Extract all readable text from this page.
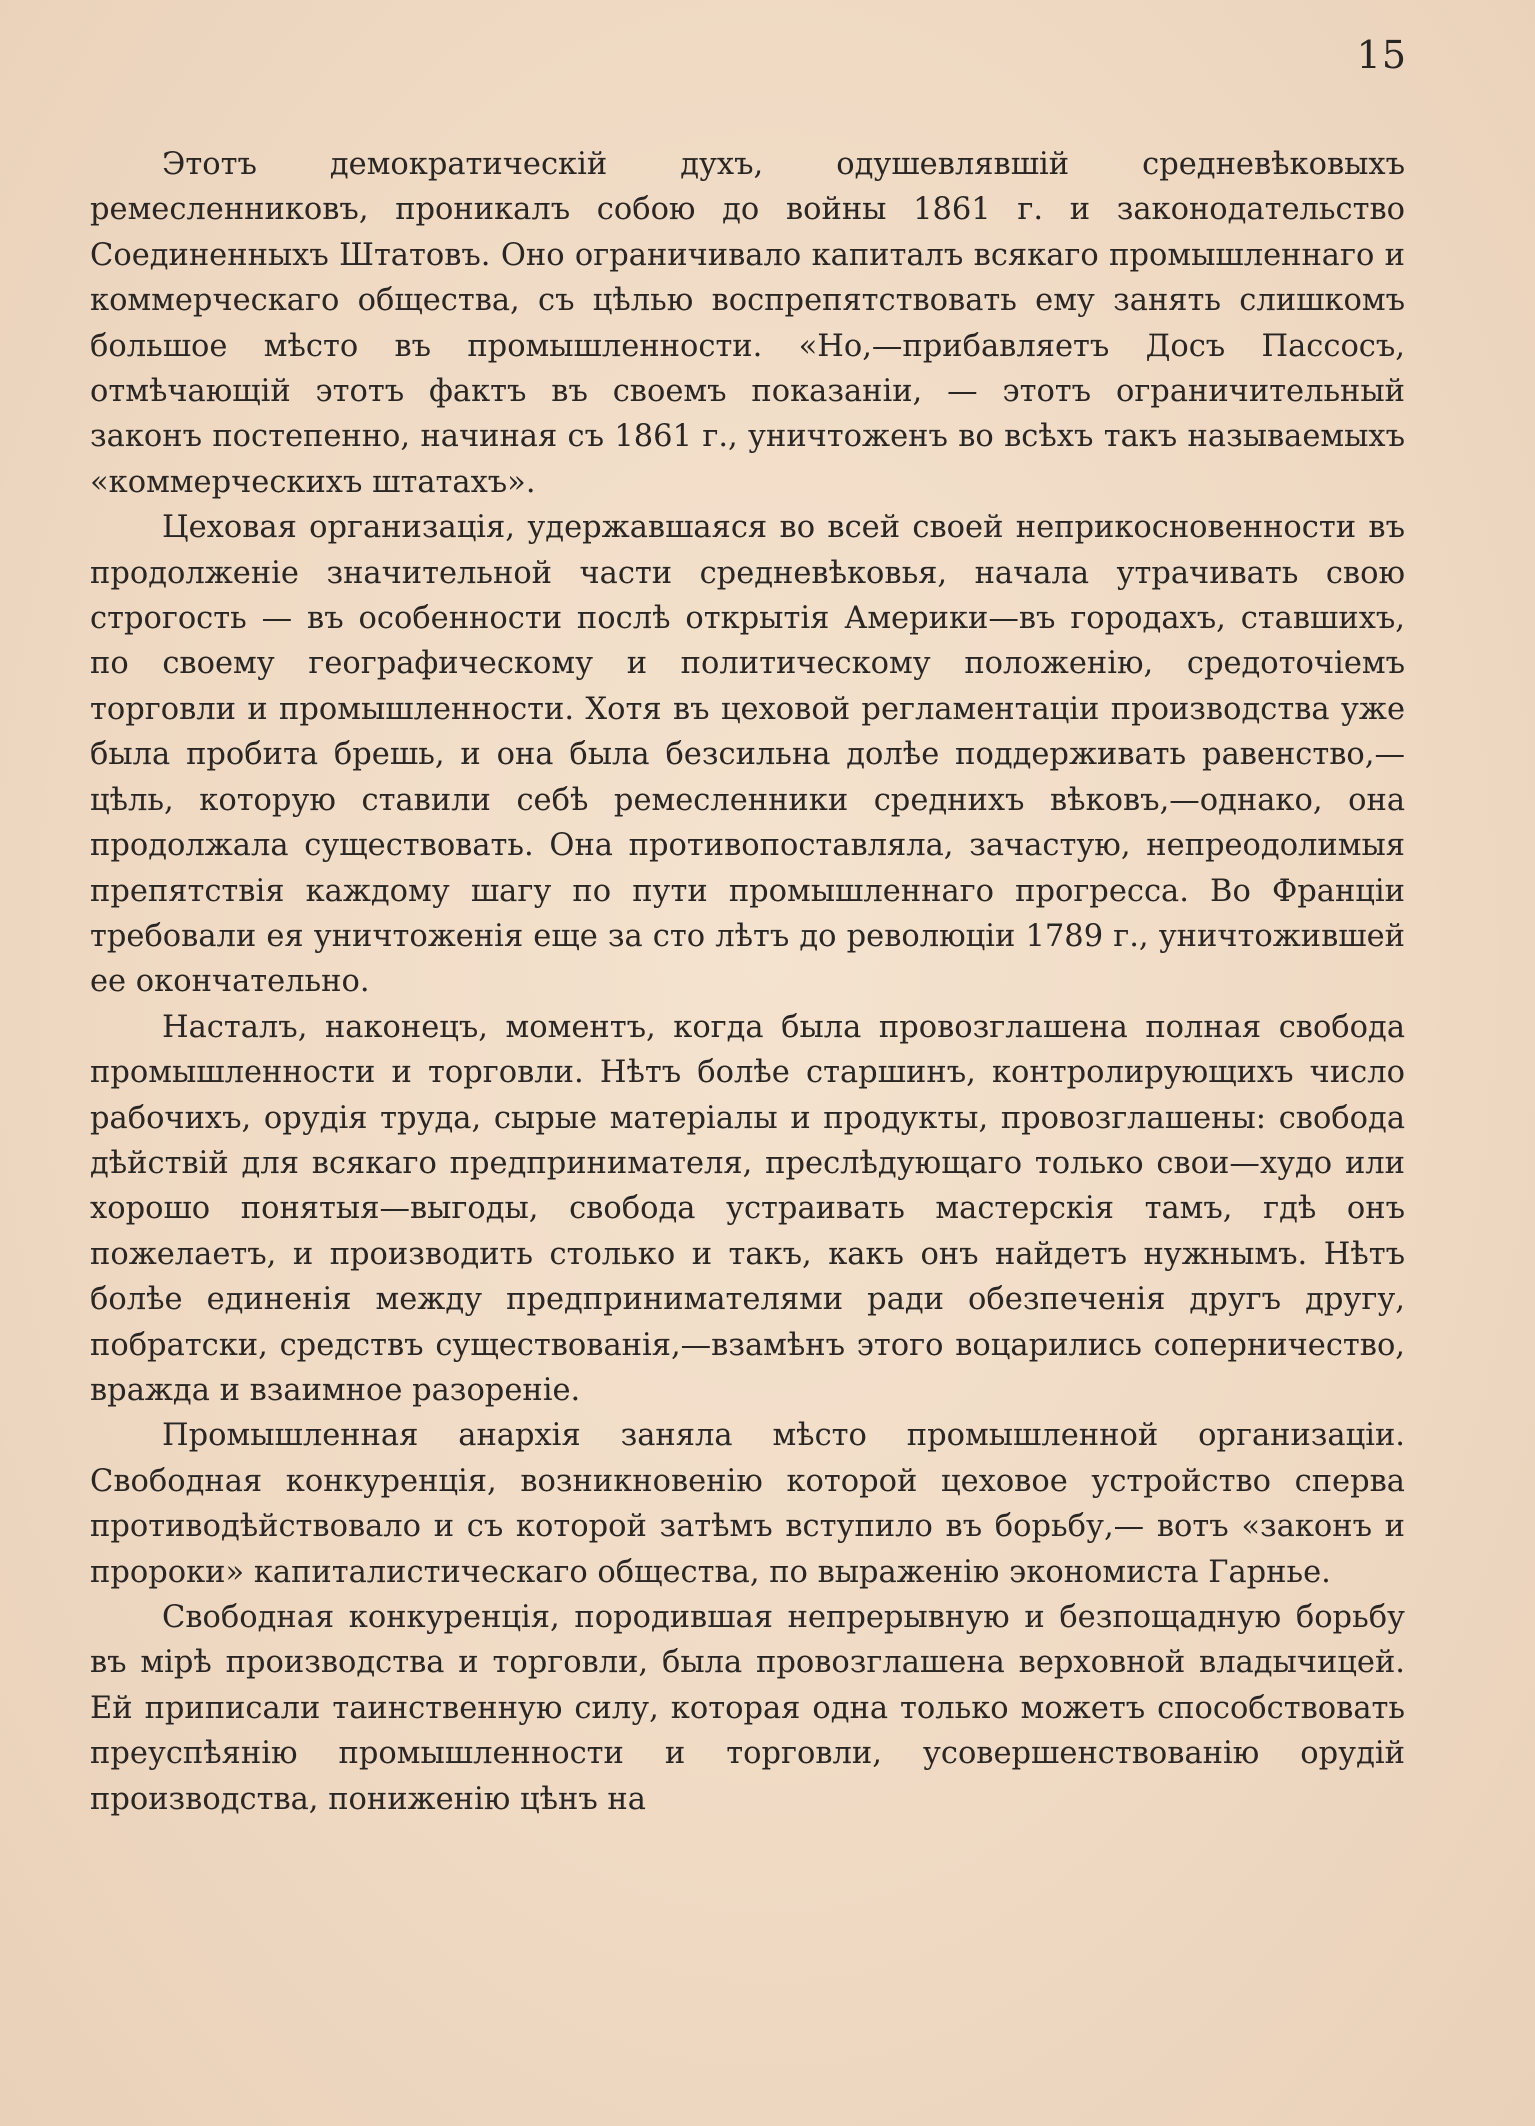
15

Этотъ демократическій духъ, одушевлявшій средневѣковыхъ ремесленниковъ, проникалъ собою до войны 1861 г. и законодательство Соединенныхъ Штатовъ. Оно ограничивало капиталъ всякаго промышленнаго и коммерческаго общества, съ цѣлью воспрепятствовать ему занять слишкомъ большое мѣсто въ промышленности. «Но,—прибавляетъ Досъ Пассосъ, отмѣчающій этотъ фактъ въ своемъ показаніи, — этотъ ограничительный законъ постепенно, начиная съ 1861 г., уничтоженъ во всѣхъ такъ называемыхъ «коммерческихъ штатахъ».

Цеховая организація, удержавшаяся во всей своей неприкосновенности въ продолженіе значительной части средневѣковья, начала утрачивать свою строгость — въ особенности послѣ открытія Америки—въ городахъ, ставшихъ, по своему географическому и политическому положенію, средоточіемъ торговли и промышленности. Хотя въ цеховой регламентаціи производства уже была пробита брешь, и она была безсильна долѣе поддерживать равенство,—цѣль, которую ставили себѣ ремесленники среднихъ вѣковъ,—однако, она продолжала существовать. Она противопоставляла, зачастую, непреодолимыя препятствія каждому шагу по пути промышленнаго прогресса. Во Франціи требовали ея уничтоженія еще за сто лѣтъ до революціи 1789 г., уничтожившей ее окончательно.

Насталъ, наконецъ, моментъ, когда была провозглашена полная свобода промышленности и торговли. Нѣтъ болѣе старшинъ, контролирующихъ число рабочихъ, орудія труда, сырые матеріалы и продукты, провозглашены: свобода дѣйствій для всякаго предпринимателя, преслѣдующаго только свои—худо или хорошо понятыя—выгоды, свобода устраивать мастерскія тамъ, гдѣ онъ пожелаетъ, и производить столько и такъ, какъ онъ найдетъ нужнымъ. Нѣтъ болѣе единенія между предпринимателями ради обезпеченія другъ другу, побратски, средствъ существованія,—взамѣнъ этого воцарились соперничество, вражда и взаимное разореніе.

Промышленная анархія заняла мѣсто промышленной организаціи. Свободная конкуренція, возникновенію которой цеховое устройство сперва противодѣйствовало и съ которой затѣмъ вступило въ борьбу,— вотъ «законъ и пророки» капиталистическаго общества, по выраженію экономиста Гарнье.

Свободная конкуренція, породившая непрерывную и безпощадную борьбу въ мірѣ производства и торговли, была провозглашена верховной владычицей. Ей приписали таинственную силу, которая одна только можетъ способствовать преуспѣянію промышленности и торговли, усовершенствованію орудій производства, пониженію цѣнъ на
